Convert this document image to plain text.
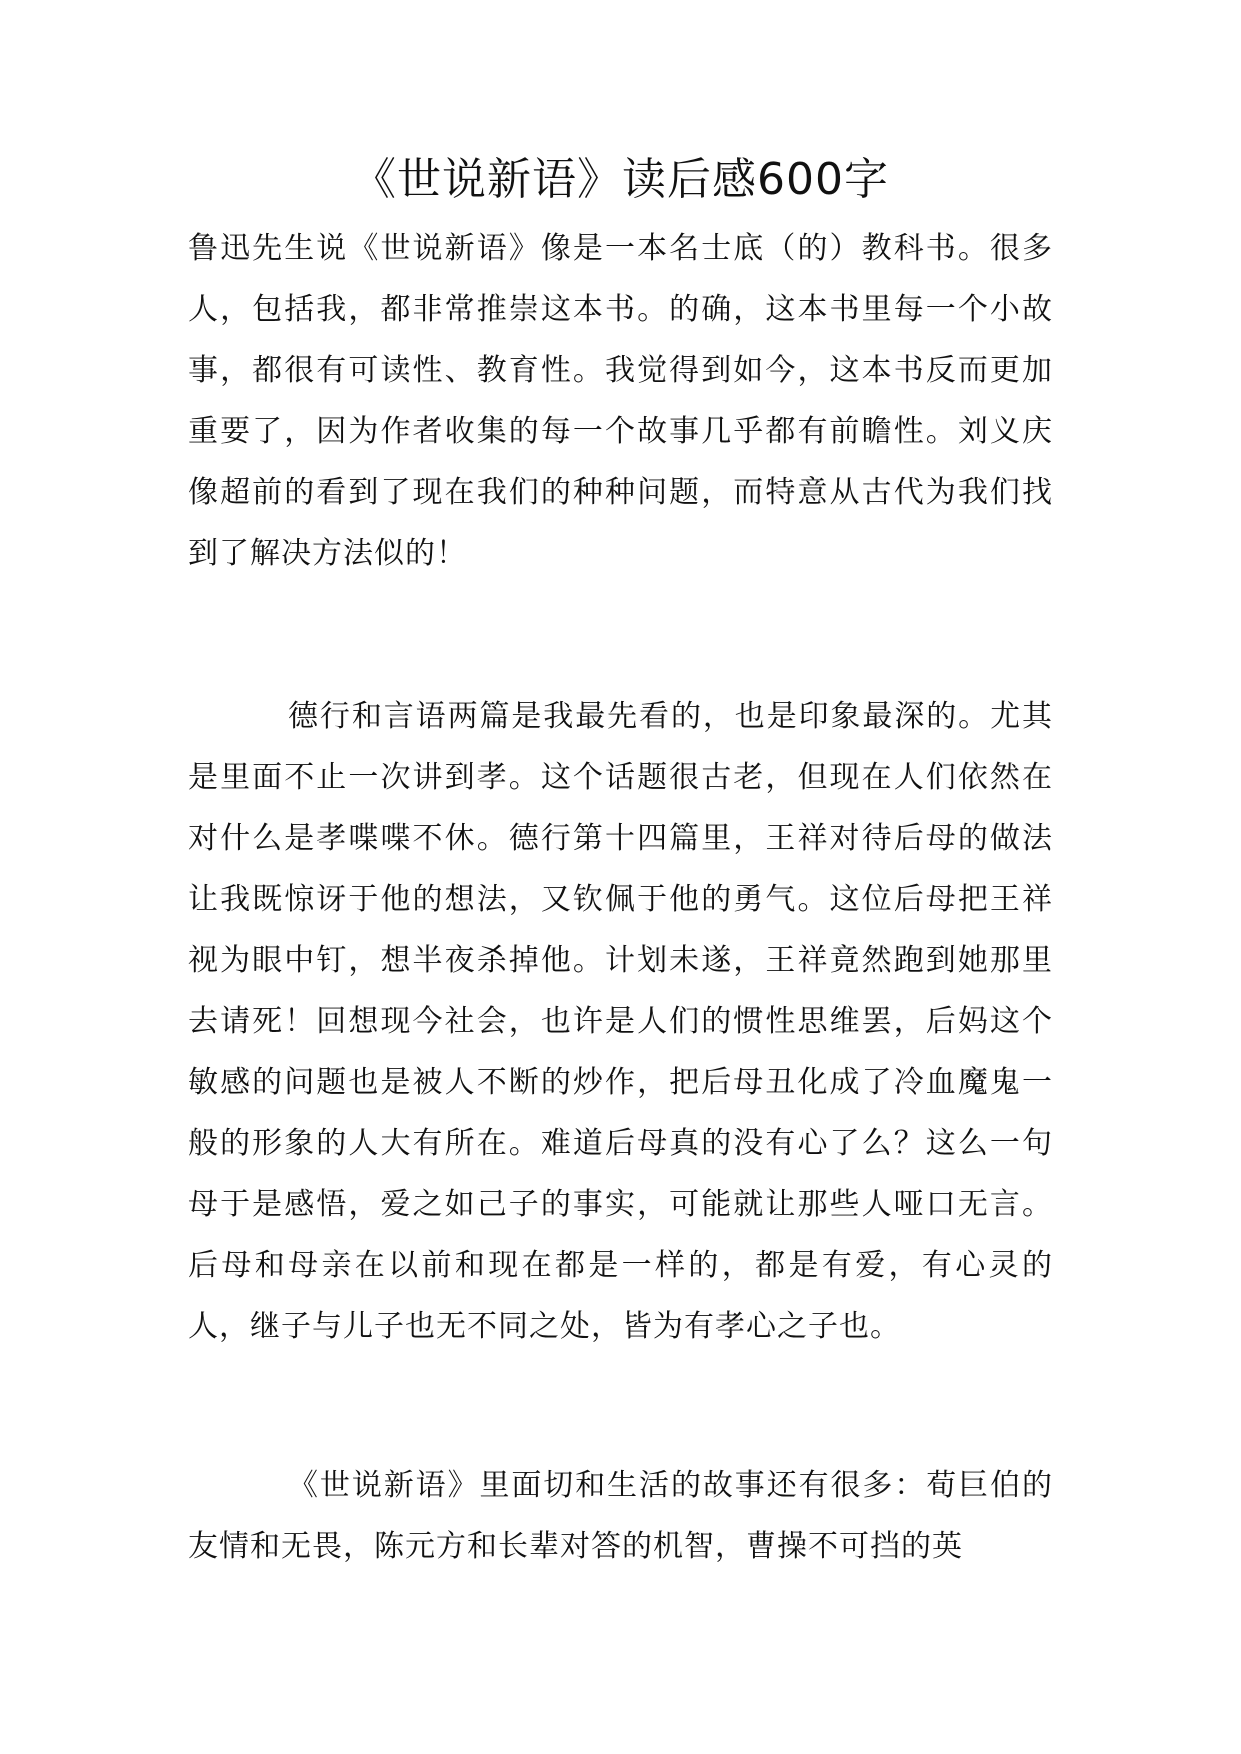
《世说新语》读后感600字

鲁迅先生说《世说新语》像是一本名士底（的）教科书。很多人，包括我，都非常推崇这本书。的确，这本书里每一个小故事，都很有可读性、教育性。我觉得到如今，这本书反而更加重要了，因为作者收集的每一个故事几乎都有前瞻性。刘义庆像超前的看到了现在我们的种种问题，而特意从古代为我们找到了解决方法似的！

德行和言语两篇是我最先看的，也是印象最深的。尤其是里面不止一次讲到孝。这个话题很古老，但现在人们依然在对什么是孝喋喋不休。德行第十四篇里，王祥对待后母的做法让我既惊讶于他的想法，又钦佩于他的勇气。这位后母把王祥视为眼中钉，想半夜杀掉他。计划未遂，王祥竟然跑到她那里去请死！回想现今社会，也许是人们的惯性思维罢，后妈这个敏感的问题也是被人不断的炒作，把后母丑化成了冷血魔鬼一般的形象的人大有所在。难道后母真的没有心了么？这么一句母于是感悟，爱之如己子的事实，可能就让那些人哑口无言。后母和母亲在以前和现在都是一样的，都是有爱，有心灵的人，继子与儿子也无不同之处，皆为有孝心之子也。

《世说新语》里面切和生活的故事还有很多：荀巨伯的友情和无畏，陈元方和长辈对答的机智，曹操不可挡的英
